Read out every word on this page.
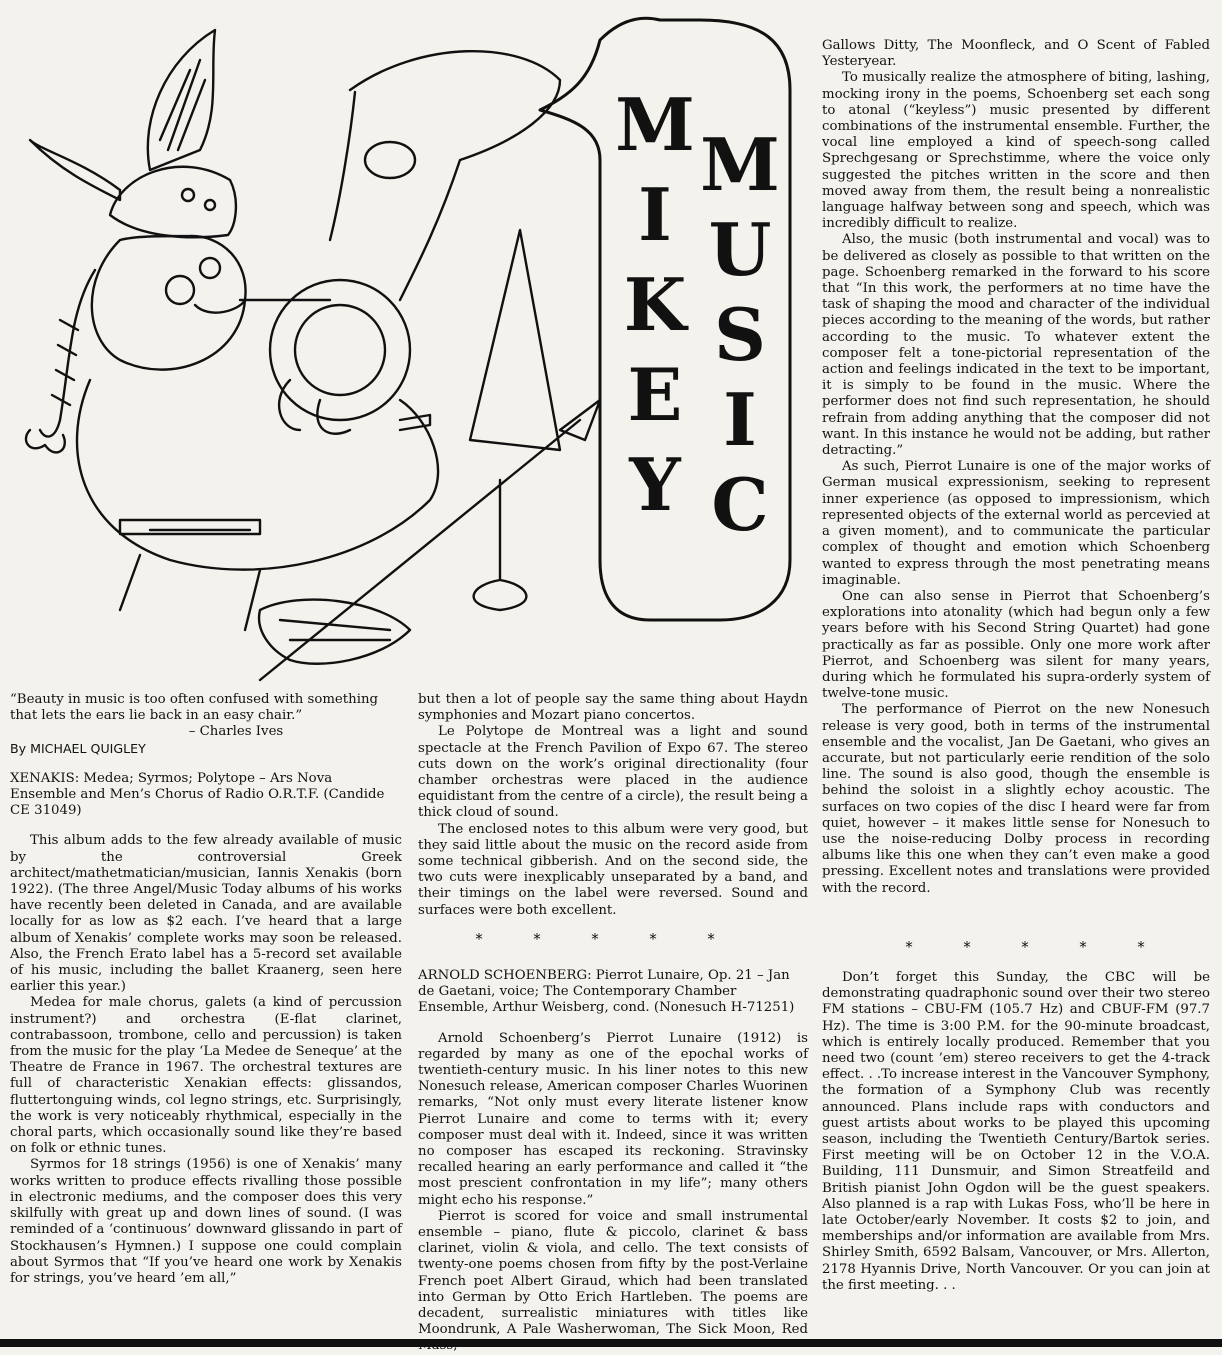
M
I
K
E
Y
M
U
S
I
C

“Beauty in music is too often confused with something that lets the ears lie back in an easy chair.”

– Charles Ives

By MICHAEL QUIGLEY

XENAKIS: Medea; Syrmos; Polytope – Ars Nova Ensemble and Men’s Chorus of Radio O.R.T.F. (Candide CE 31049)

This album adds to the few already available of music by the controversial Greek architect/mathetmatician/musician, Iannis Xenakis (born 1922). (The three Angel/Music Today albums of his works have recently been deleted in Canada, and are available locally for as low as $2 each. I’ve heard that a large album of Xenakis’ complete works may soon be released. Also, the French Erato label has a 5-record set available of his music, including the ballet Kraanerg, seen here earlier this year.)

Medea for male chorus, galets (a kind of percussion instrument?) and orchestra (E-flat clarinet, contrabassoon, trombone, cello and percussion) is taken from the music for the play ‘La Medee de Seneque’ at the Theatre de France in 1967. The orchestral textures are full of characteristic Xenakian effects: glissandos, fluttertonguing winds, col legno strings, etc. Surprisingly, the work is very noticeably rhythmical, especially in the choral parts, which occasionally sound like they’re based on folk or ethnic tunes.

Syrmos for 18 strings (1956) is one of Xenakis’ many works written to produce effects rivalling those possible in electronic mediums, and the composer does this very skilfully with great up and down lines of sound. (I was reminded of a ‘continuous’ downward glissando in part of Stockhausen’s Hymnen.) I suppose one could complain about Syrmos that “If you’ve heard one work by Xenakis for strings, you’ve heard ’em all,”

but then a lot of people say the same thing about Haydn symphonies and Mozart piano concertos.

Le Polytope de Montreal was a light and sound spectacle at the French Pavilion of Expo 67. The stereo cuts down on the work’s original directionality (four chamber orchestras were placed in the audience equidistant from the centre of a circle), the result being a thick cloud of sound.

The enclosed notes to this album were very good, but they said little about the music on the record aside from some technical gibberish. And on the second side, the two cuts were inexplicably unseparated by a band, and their timings on the label were reversed. Sound and surfaces were both excellent.

*	*	*	*	*

ARNOLD SCHOENBERG: Pierrot Lunaire, Op. 21 – Jan de Gaetani, voice; The Contemporary Chamber Ensemble, Arthur Weisberg, cond. (Nonesuch H-71251)

Arnold Schoenberg’s Pierrot Lunaire (1912) is regarded by many as one of the epochal works of twentieth-century music. In his liner notes to this new Nonesuch release, American composer Charles Wuorinen remarks, “Not only must every literate listener know Pierrot Lunaire and come to terms with it; every composer must deal with it. Indeed, since it was written no composer has escaped its reckoning. Stravinsky recalled hearing an early performance and called it “the most prescient confrontation in my life”; many others might echo his response.”

Pierrot is scored for voice and small instrumental ensemble – piano, flute & piccolo, clarinet & bass clarinet, violin & viola, and cello. The text consists of twenty-one poems chosen from fifty by the post-Verlaine French poet Albert Giraud, which had been translated into German by Otto Erich Hartleben. The poems are decadent, surrealistic miniatures with titles like Moondrunk, A Pale Washerwoman, The Sick Moon, Red

Gallows Ditty, The Moonfleck, and O Scent of Fabled Yesteryear.

To musically realize the atmosphere of biting, lashing, mocking irony in the poems, Schoenberg set each song to atonal (“keyless”) music presented by different combinations of the instrumental ensemble. Further, the vocal line employed a kind of speech-song called Sprechgesang or Sprechstimme, where the voice only suggested the pitches written in the score and then moved away from them, the result being a nonrealistic language halfway between song and speech, which was incredibly difficult to realize.

Also, the music (both instrumental and vocal) was to be delivered as closely as possible to that written on the page. Schoenberg remarked in the forward to his score that “In this work, the performers at no time have the task of shaping the mood and character of the individual pieces according to the meaning of the words, but rather according to the music. To whatever extent the composer felt a tone-pictorial representation of the action and feelings indicated in the text to be important, it is simply to be found in the music. Where the performer does not find such representation, he should refrain from adding anything that the composer did not want. In this instance he would not be adding, but rather detracting.”

As such, Pierrot Lunaire is one of the major works of German musical expressionism, seeking to represent inner experience (as opposed to impressionism, which represented objects of the external world as percevied at a given moment), and to communicate the particular complex of thought and emotion which Schoenberg wanted to express through the most penetrating means imaginable.

One can also sense in Pierrot that Schoenberg’s explorations into atonality (which had begun only a few years before with his Second String Quartet) had gone practically as far as possible. Only one more work after Pierrot, and Schoenberg was silent for many years, during which he formulated his supra-orderly system of twelve-tone music.

The performance of Pierrot on the new Nonesuch release is very good, both in terms of the instrumental ensemble and the vocalist, Jan De Gaetani, who gives an accurate, but not particularly eerie rendition of the solo line. The sound is also good, though the ensemble is behind the soloist in a slightly echoy acoustic. The surfaces on two copies of the disc I heard were far from quiet, however – it makes little sense for Nonesuch to use the noise-reducing Dolby process in recording albums like this one when they can’t even make a good pressing. Excellent notes and translations were provided with the record.

*	*	*	*	*

Don’t forget this Sunday, the CBC will be demonstrating quadraphonic sound over their two stereo FM stations – CBU-FM (105.7 Hz) and CBUF-FM (97.7 Hz). The time is 3:00 P.M. for the 90-minute broadcast, which is entirely locally produced. Remember that you need two (count ’em) stereo receivers to get the 4-track effect. . .To increase interest in the Vancouver Symphony, the formation of a Symphony Club was recently announced. Plans include raps with conductors and guest artists about works to be played this upcoming season, including the Twentieth Century/Bartok series. First meeting will be on October 12 in the V.O.A. Building, 111 Dunsmuir, and Simon Streatfeild and British pianist John Ogdon will be the guest speakers. Also planned is a rap with Lukas Foss, who’ll be here in late October/early November. It costs $2 to join, and memberships and/or information are available from Mrs. Shirley Smith, 6592 Balsam, Vancouver, or Mrs. Allerton, 2178 Hyannis Drive, North Vancouver. Or you can join at the first meeting. . .
